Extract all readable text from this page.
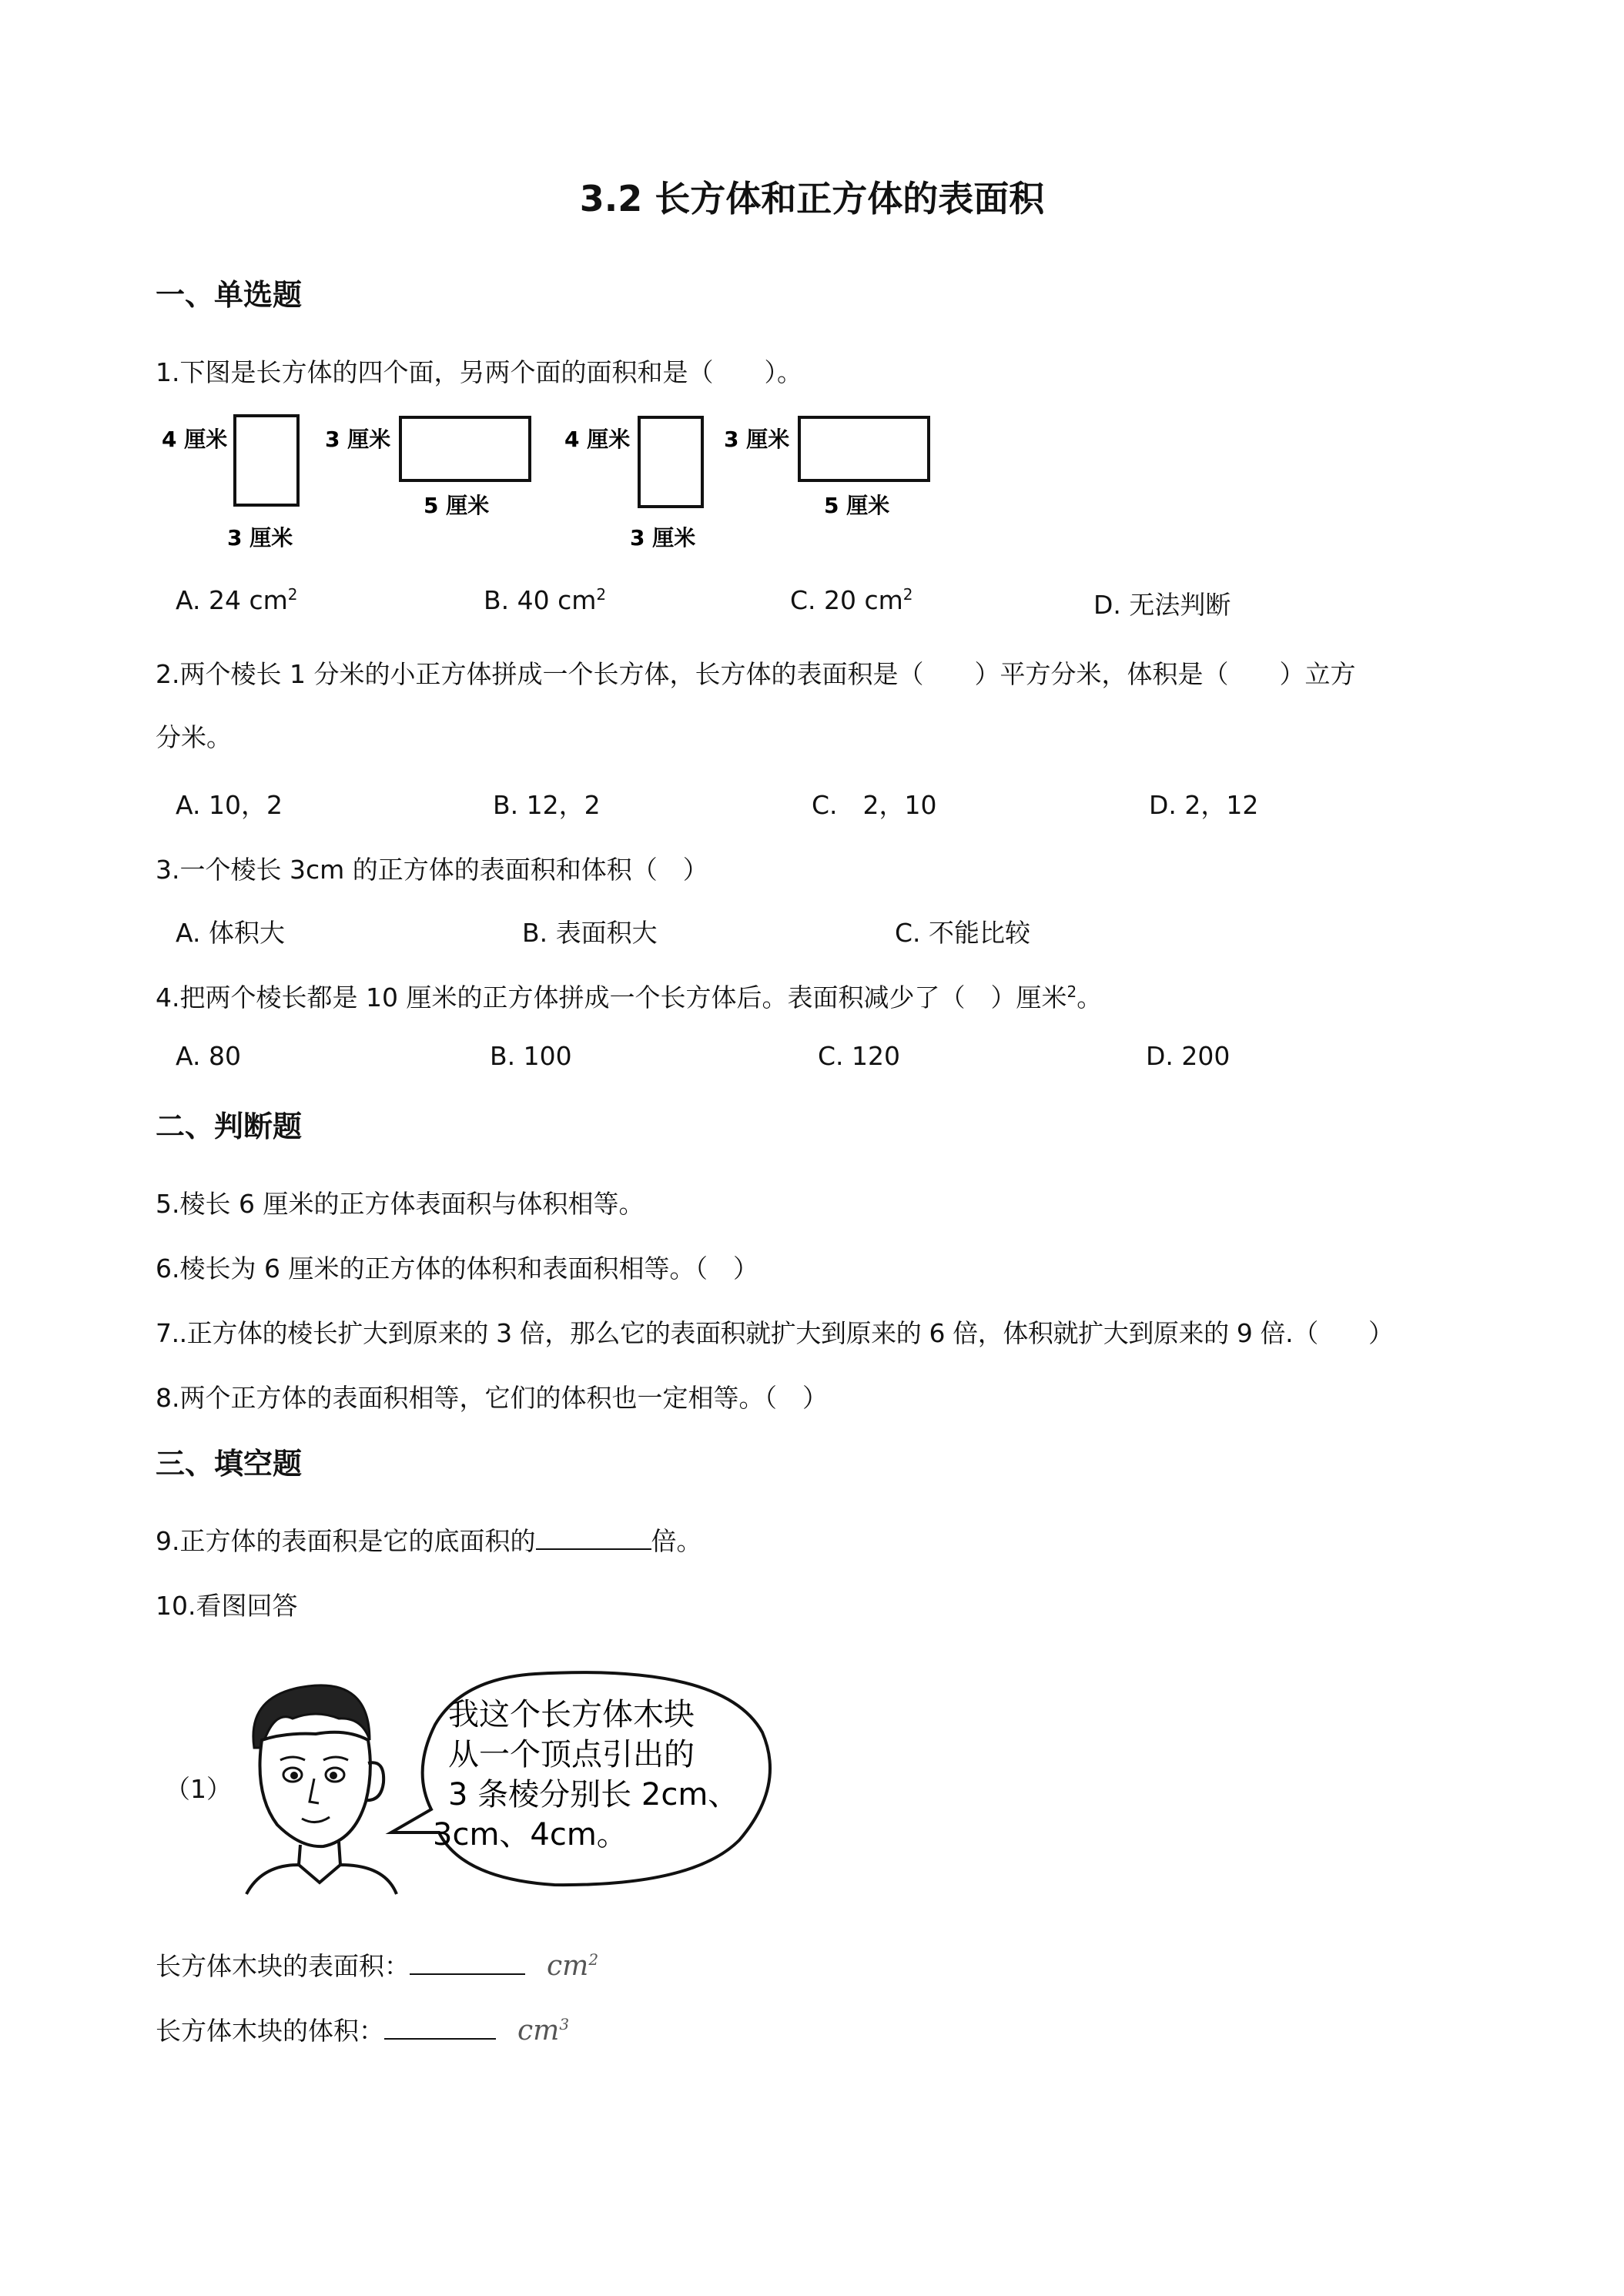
3.2 长方体和正方体的表面积
一、单选题
1.下图是长方体的四个面，另两个面的面积和是（　　）。
4 厘米
3 厘米
3 厘米
5 厘米
4 厘米
3 厘米
3 厘米
5 厘米
A. 24 $cm^2$	B. 40 $cm^2$	C. 20 $cm^2$	D. 无法判断
2.两个棱长 1 分米的小正方体拼成一个长方体，长方体的表面积是（　　）平方分米，体积是（　　）立方
分米。
A. 10，2	B. 12，2	C.　2，10	D. 2，12
3.一个棱长 3cm 的正方体的表面积和体积（　）
A. 体积大	B. 表面积大	C. 不能比较
4.把两个棱长都是 10 厘米的正方体拼成一个长方体后。表面积减少了（　）厘米$^2$。
A. 80	B. 100	C. 120	D. 200
二、判断题
5.棱长 6 厘米的正方体表面积与体积相等。
6.棱长为 6 厘米的正方体的体积和表面积相等。（　）
7..正方体的棱长扩大到原来的 3 倍，那么它的表面积就扩大到原来的 6 倍，体积就扩大到原来的 9 倍.（　　）
8.两个正方体的表面积相等，它们的体积也一定相等。（　）
三、填空题
9.正方体的表面积是它的底面积的	倍。
10.看图回答
（1）
我这个长方体木块
从一个顶点引出的
3 条棱分别长 2cm、
3cm、4cm。
长方体木块的表面积：	$cm^2$
长方体木块的体积：	$cm^3$
